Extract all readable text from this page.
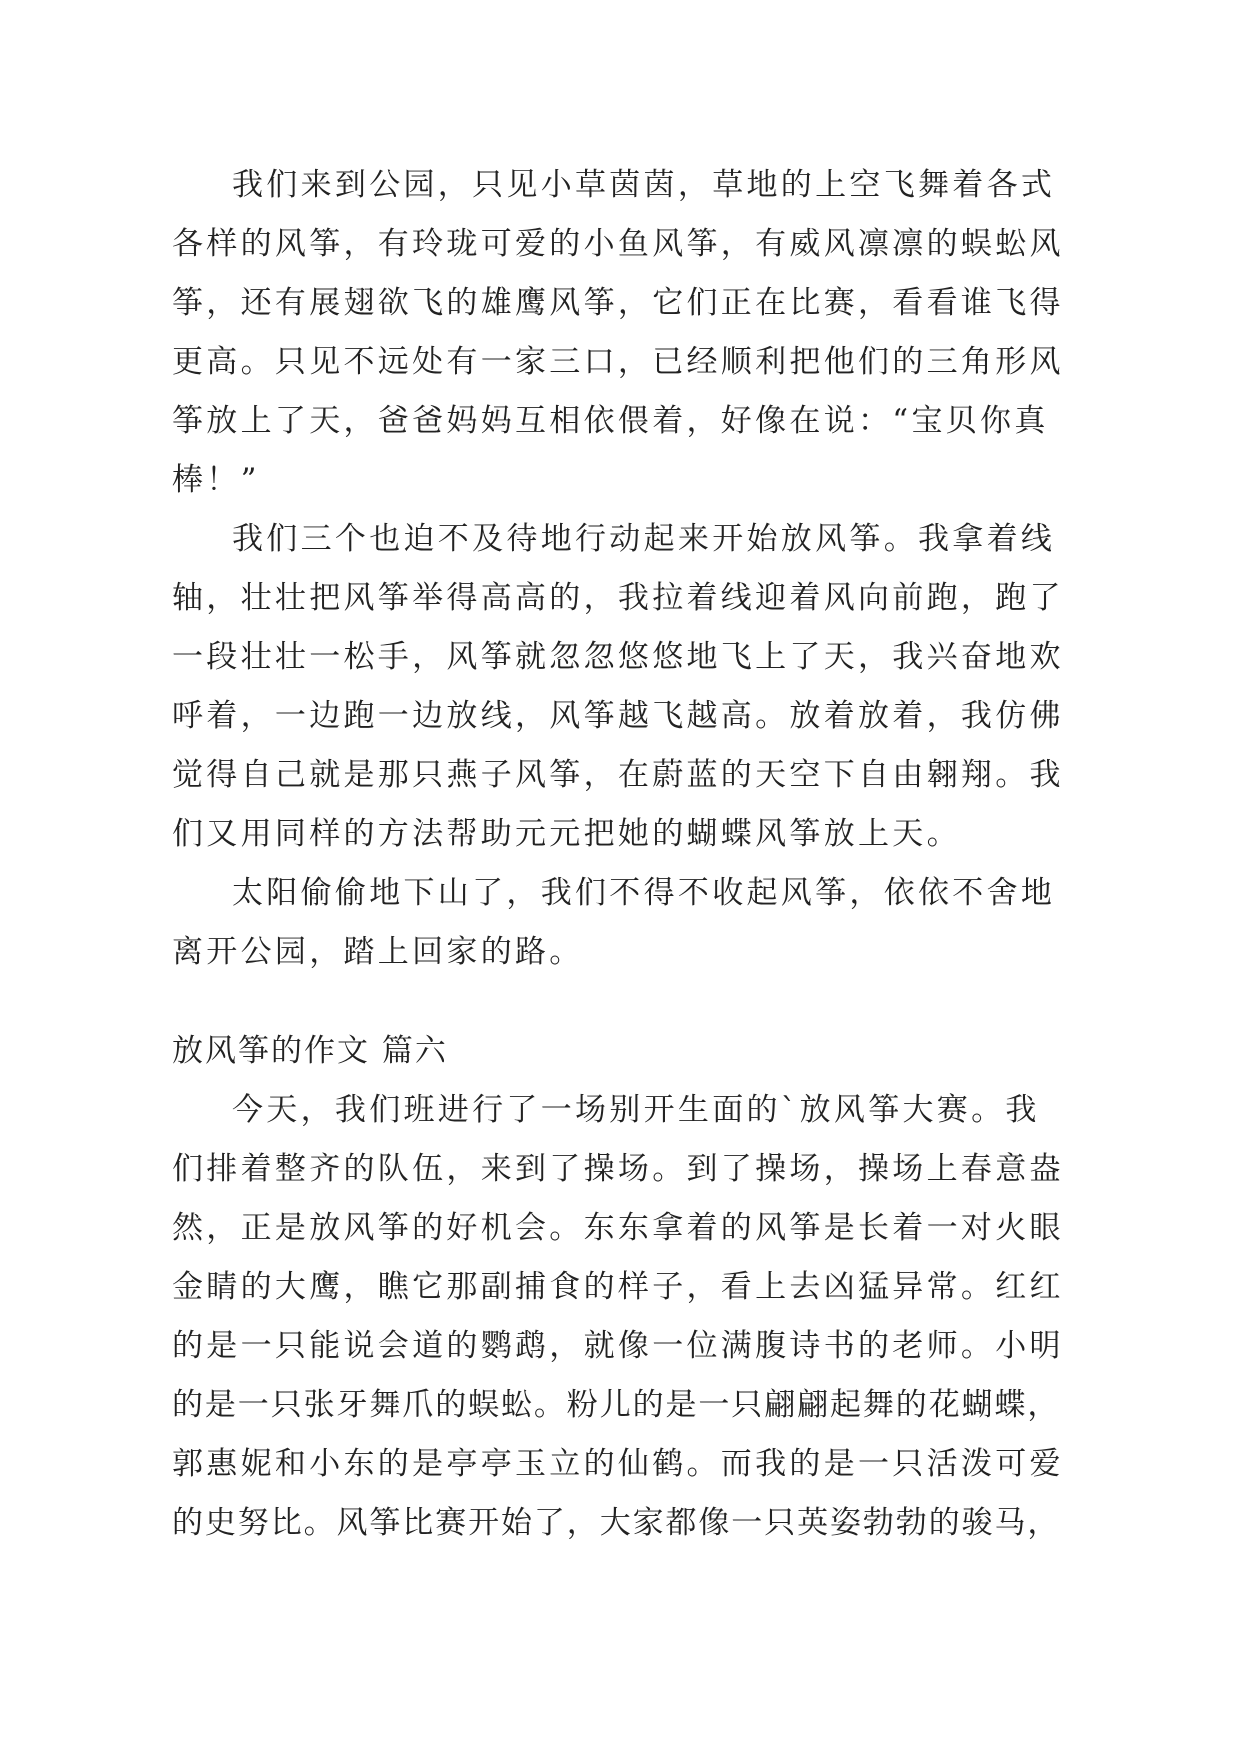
我们来到公园，只见小草茵茵，草地的上空飞舞着各式
各样的风筝，有玲珑可爱的小鱼风筝，有威风凛凛的蜈蚣风
筝，还有展翅欲飞的雄鹰风筝，它们正在比赛，看看谁飞得
更高。只见不远处有一家三口，已经顺利把他们的三角形风
筝放上了天，爸爸妈妈互相依偎着，好像在说：“宝贝你真
棒！”
我们三个也迫不及待地行动起来开始放风筝。我拿着线
轴，壮壮把风筝举得高高的，我拉着线迎着风向前跑，跑了
一段壮壮一松手，风筝就忽忽悠悠地飞上了天，我兴奋地欢
呼着，一边跑一边放线，风筝越飞越高。放着放着，我仿佛
觉得自己就是那只燕子风筝，在蔚蓝的天空下自由翱翔。我
们又用同样的方法帮助元元把她的蝴蝶风筝放上天。
太阳偷偷地下山了，我们不得不收起风筝，依依不舍地
离开公园，踏上回家的路。
放风筝的作文 篇六
今天，我们班进行了一场别开生面的`放风筝大赛。我
们排着整齐的队伍，来到了操场。到了操场，操场上春意盎
然，正是放风筝的好机会。东东拿着的风筝是长着一对火眼
金睛的大鹰，瞧它那副捕食的样子，看上去凶猛异常。红红
的是一只能说会道的鹦鹉，就像一位满腹诗书的老师。小明
的是一只张牙舞爪的蜈蚣。粉儿的是一只翩翩起舞的花蝴蝶，
郭惠妮和小东的是亭亭玉立的仙鹤。而我的是一只活泼可爱
的史努比。风筝比赛开始了，大家都像一只英姿勃勃的骏马，
